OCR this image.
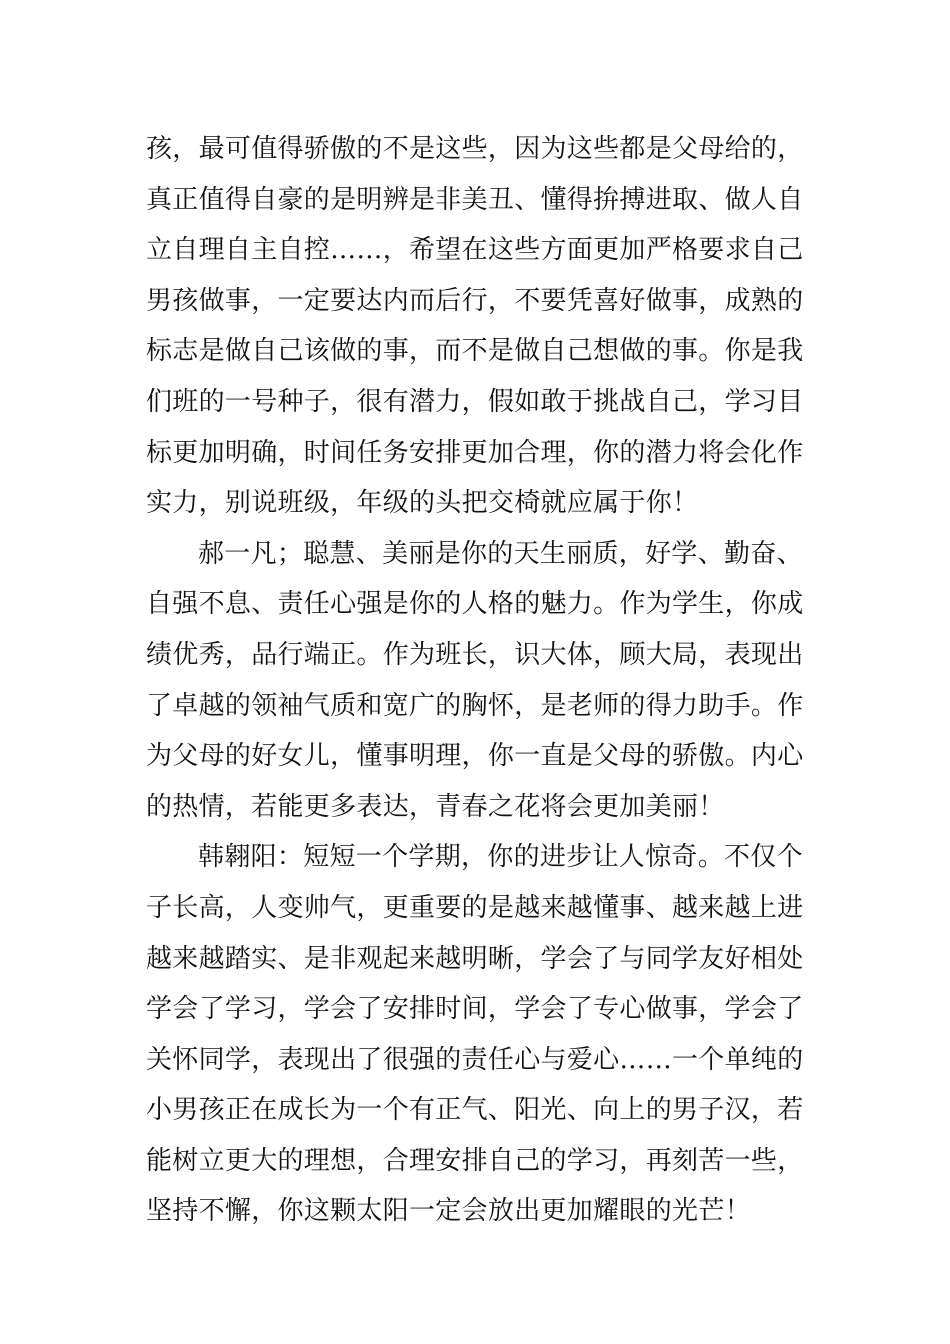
孩，最可值得骄傲的不是这些，因为这些都是父母给的，
真正值得自豪的是明辨是非美丑、懂得拚搏进取、做人自
立自理自主自控……，希望在这些方面更加严格要求自己
男孩做事，一定要达内而后行，不要凭喜好做事，成熟的
标志是做自己该做的事，而不是做自己想做的事。你是我
们班的一号种子，很有潜力，假如敢于挑战自己，学习目
标更加明确，时间任务安排更加合理，你的潜力将会化作
实力，别说班级，年级的头把交椅就应属于你！
郝一凡；聪慧、美丽是你的天生丽质，好学、勤奋、
自强不息、责任心强是你的人格的魅力。作为学生，你成
绩优秀，品行端正。作为班长，识大体，顾大局，表现出
了卓越的领袖气质和宽广的胸怀，是老师的得力助手。作
为父母的好女儿，懂事明理，你一直是父母的骄傲。内心
的热情，若能更多表达，青春之花将会更加美丽！
韩翱阳：短短一个学期，你的进步让人惊奇。不仅个
子长高，人变帅气，更重要的是越来越懂事、越来越上进
越来越踏实、是非观起来越明晰，学会了与同学友好相处
学会了学习，学会了安排时间，学会了专心做事，学会了
关怀同学，表现出了很强的责任心与爱心……一个单纯的
小男孩正在成长为一个有正气、阳光、向上的男子汉，若
能树立更大的理想，合理安排自己的学习，再刻苦一些，
坚持不懈，你这颗太阳一定会放出更加耀眼的光芒！
